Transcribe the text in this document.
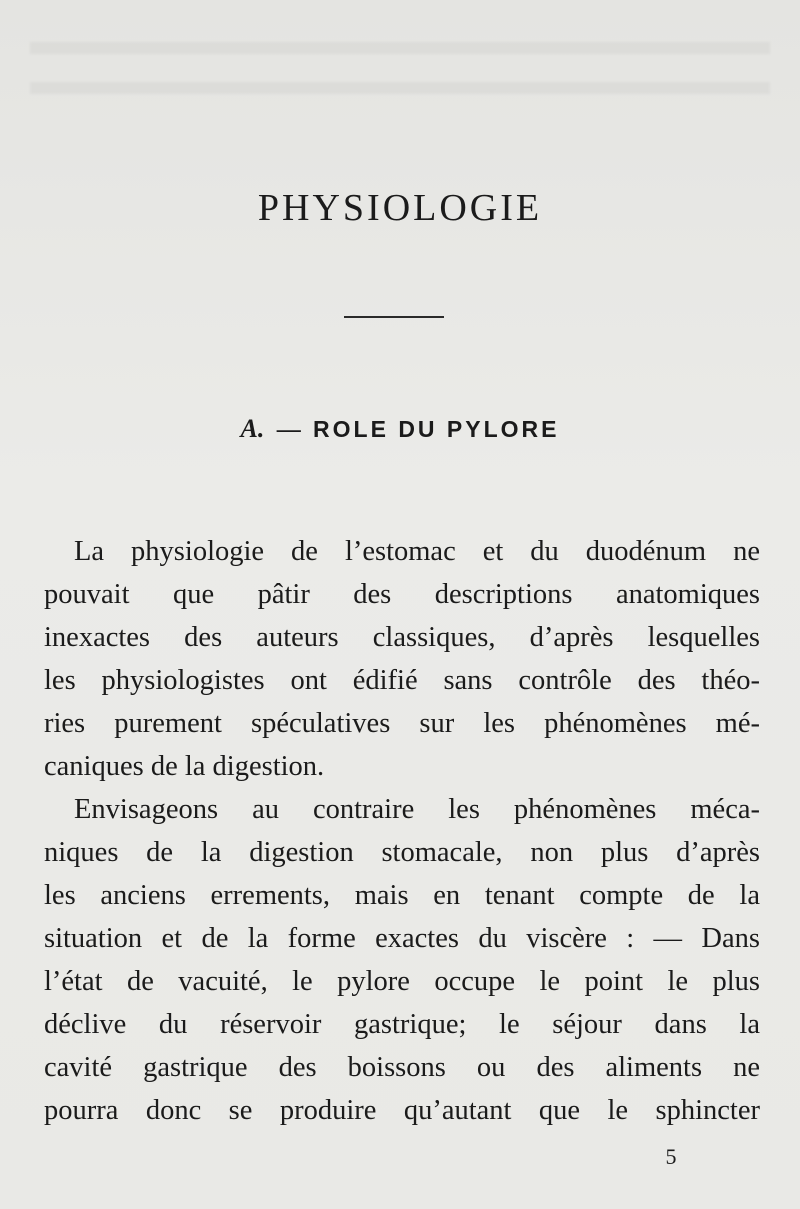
PHYSIOLOGIE
A. — ROLE DU PYLORE
La physiologie de l’estomac et du duodénum ne
pouvait que pâtir des descriptions anatomiques
inexactes des auteurs classiques, d’après lesquelles
les physiologistes ont édifié sans contrôle des théo-
ries purement spéculatives sur les phénomènes mé-
caniques de la digestion.
Envisageons au contraire les phénomènes méca-
niques de la digestion stomacale, non plus d’après
les anciens errements, mais en tenant compte de la
situation et de la forme exactes du viscère : — Dans
l’état de vacuité, le pylore occupe le point le plus
déclive du réservoir gastrique; le séjour dans la
cavité gastrique des boissons ou des aliments ne
pourra donc se produire qu’autant que le sphincter
5
